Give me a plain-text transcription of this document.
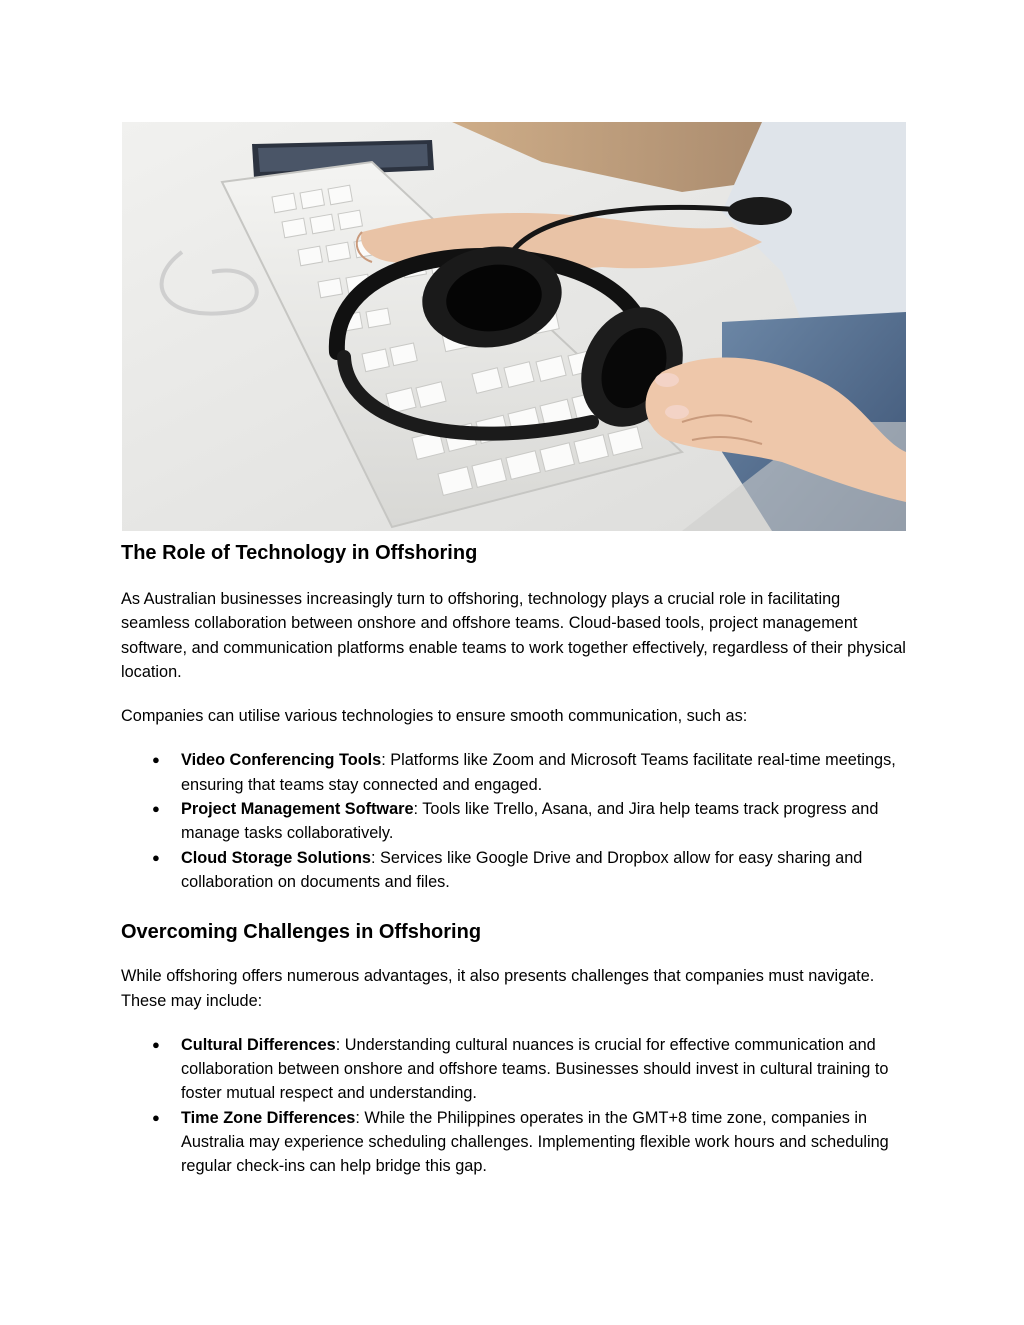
The Role of Technology in Offshoring

As Australian businesses increasingly turn to offshoring, technology plays a crucial role in facilitating seamless collaboration between onshore and offshore teams. Cloud-based tools, project management software, and communication platforms enable teams to work together effectively, regardless of their physical location.

Companies can utilise various technologies to ensure smooth communication, such as:

● Video Conferencing Tools: Platforms like Zoom and Microsoft Teams facilitate real-time meetings, ensuring that teams stay connected and engaged.
● Project Management Software: Tools like Trello, Asana, and Jira help teams track progress and manage tasks collaboratively.
● Cloud Storage Solutions: Services like Google Drive and Dropbox allow for easy sharing and collaboration on documents and files.
Overcoming Challenges in Offshoring

While offshoring offers numerous advantages, it also presents challenges that companies must navigate. These may include:

● Cultural Differences: Understanding cultural nuances is crucial for effective communication and collaboration between onshore and offshore teams. Businesses should invest in cultural training to foster mutual respect and understanding.
● Time Zone Differences: While the Philippines operates in the GMT+8 time zone, companies in Australia may experience scheduling challenges. Implementing flexible work hours and scheduling regular check-ins can help bridge this gap.
